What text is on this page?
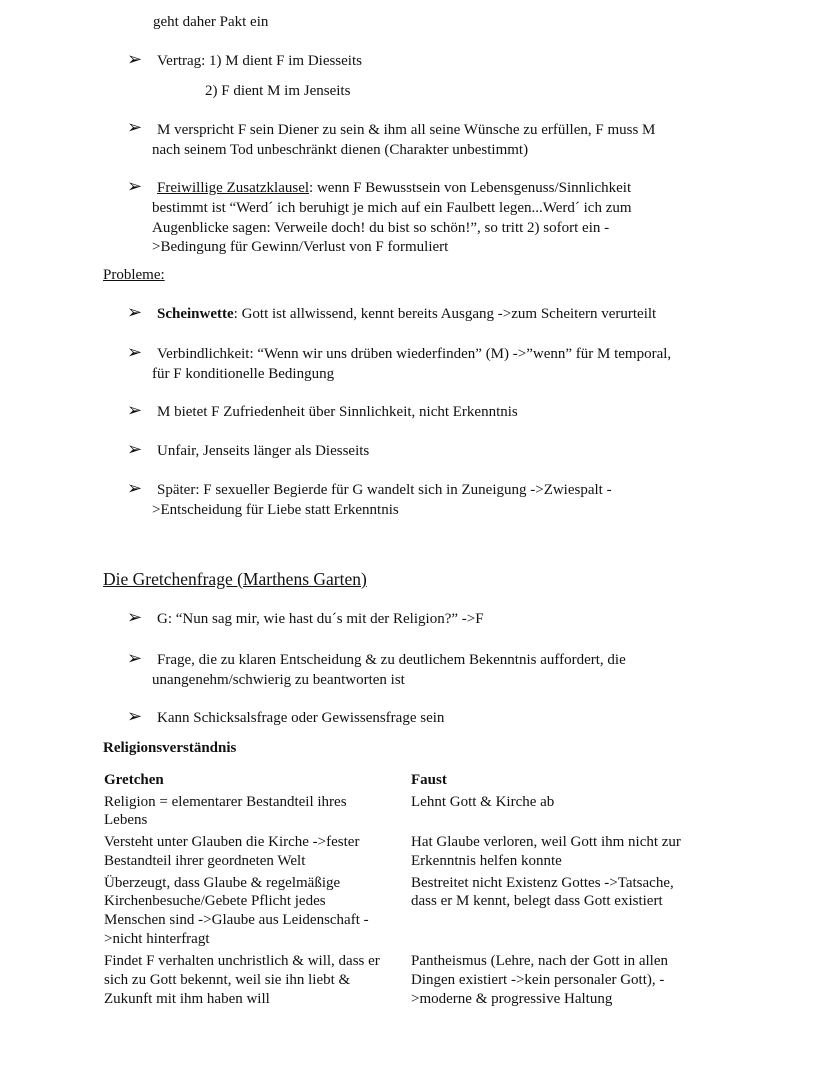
geht daher Pakt ein
➢ Vertrag: 1) M dient F im Diesseits
2) F dient M im Jenseits
➢ M verspricht F sein Diener zu sein & ihm all seine Wünsche zu erfüllen, F muss M
nach seinem Tod unbeschränkt dienen (Charakter unbestimmt)
➢ Freiwillige Zusatzklausel: wenn F Bewusstsein von Lebensgenuss/Sinnlichkeit
bestimmt ist “Werd´ ich beruhigt je mich auf ein Faulbett legen...Werd´ ich zum
Augenblicke sagen: Verweile doch! du bist so schön!”, so tritt 2) sofort ein -
>Bedingung für Gewinn/Verlust von F formuliert
Probleme:
➢ Scheinwette: Gott ist allwissend, kennt bereits Ausgang ->zum Scheitern verurteilt
➢ Verbindlichkeit: “Wenn wir uns drüben wiederfinden” (M) ->”wenn” für M temporal,
für F konditionelle Bedingung
➢ M bietet F Zufriedenheit über Sinnlichkeit, nicht Erkenntnis
➢ Unfair, Jenseits länger als Diesseits
➢ Später: F sexueller Begierde für G wandelt sich in Zuneigung ->Zwiespalt -
>Entscheidung für Liebe statt Erkenntnis
Die Gretchenfrage (Marthens Garten)
➢ G: “Nun sag mir, wie hast du´s mit der Religion?” ->F
➢ Frage, die zu klaren Entscheidung & zu deutlichem Bekenntnis auffordert, die
unangenehm/schwierig zu beantworten ist
➢ Kann Schicksalsfrage oder Gewissensfrage sein
Religionsverständnis
Gretchen	Faust
Religion = elementarer Bestandteil ihres
Lebens
Lehnt Gott & Kirche ab
Versteht unter Glauben die Kirche ->fester
Bestandteil ihrer geordneten Welt
Hat Glaube verloren, weil Gott ihm nicht zur
Erkenntnis helfen konnte
Überzeugt, dass Glaube & regelmäßige
Kirchenbesuche/Gebete Pflicht jedes
Menschen sind ->Glaube aus Leidenschaft -
>nicht hinterfragt
Bestreitet nicht Existenz Gottes ->Tatsache,
dass er M kennt, belegt dass Gott existiert
Findet F verhalten unchristlich & will, dass er
sich zu Gott bekennt, weil sie ihn liebt &
Zukunft mit ihm haben will
Pantheismus (Lehre, nach der Gott in allen
Dingen existiert ->kein personaler Gott), -
>moderne & progressive Haltung
